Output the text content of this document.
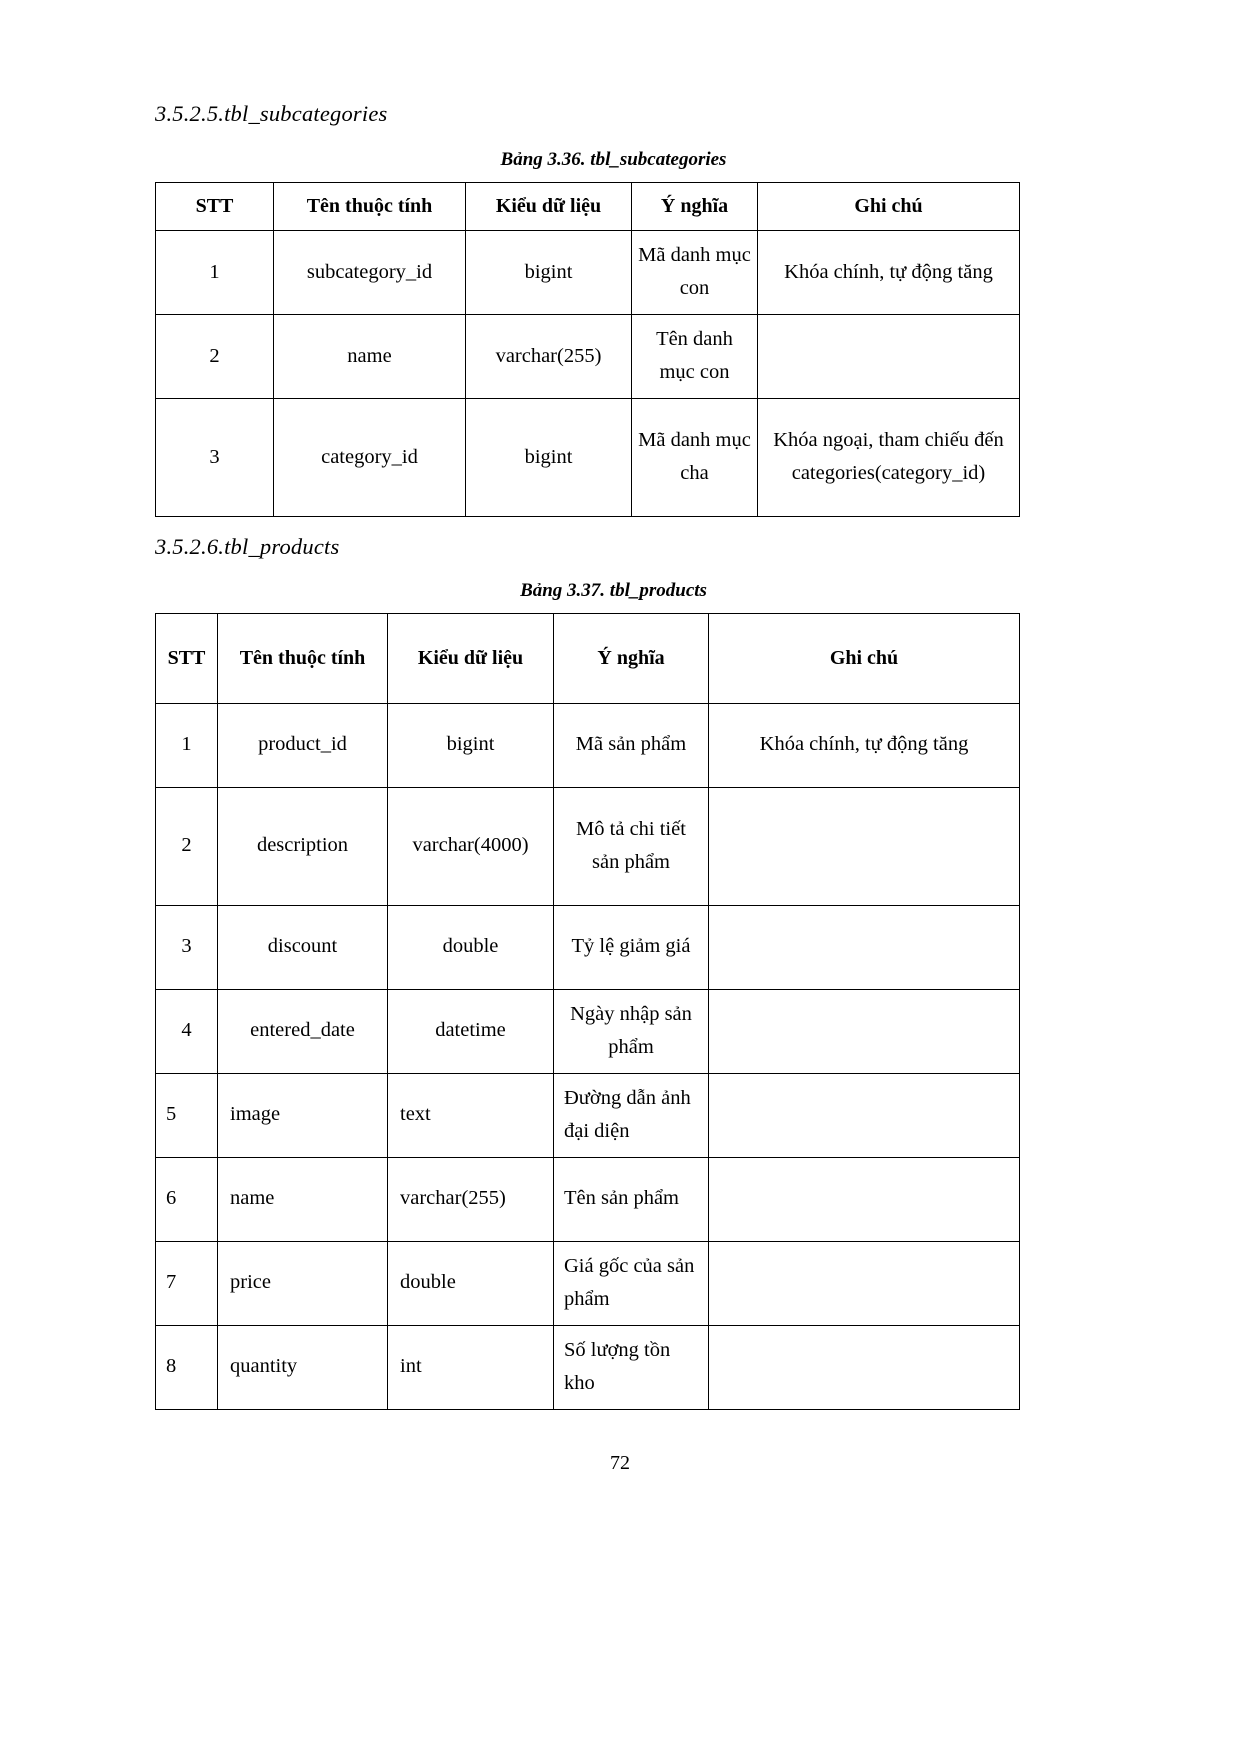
3.5.2.5.tbl_subcategories
Bảng 3.36. tbl_subcategories
STT	Tên thuộc tính	Kiểu dữ liệu	Ý nghĩa	Ghi chú
1	subcategory_id	bigint	Mã danh mục con	Khóa chính, tự động tăng
2	name	varchar(255)	Tên danh mục con	
3	category_id	bigint	Mã danh mục cha	Khóa ngoại, tham chiếu đến categories(category_id)
3.5.2.6.tbl_products
Bảng 3.37. tbl_products
STT	Tên thuộc tính	Kiểu dữ liệu	Ý nghĩa	Ghi chú
1	product_id	bigint	Mã sản phẩm	Khóa chính, tự động tăng
2	description	varchar(4000)	Mô tả chi tiết sản phẩm	
3	discount	double	Tỷ lệ giảm giá	
4	entered_date	datetime	Ngày nhập sản phẩm	
5	image	text	Đường dẫn ảnh đại diện	
6	name	varchar(255)	Tên sản phẩm	
7	price	double	Giá gốc của sản phẩm	
8	quantity	int	Số lượng tồn kho	
72
